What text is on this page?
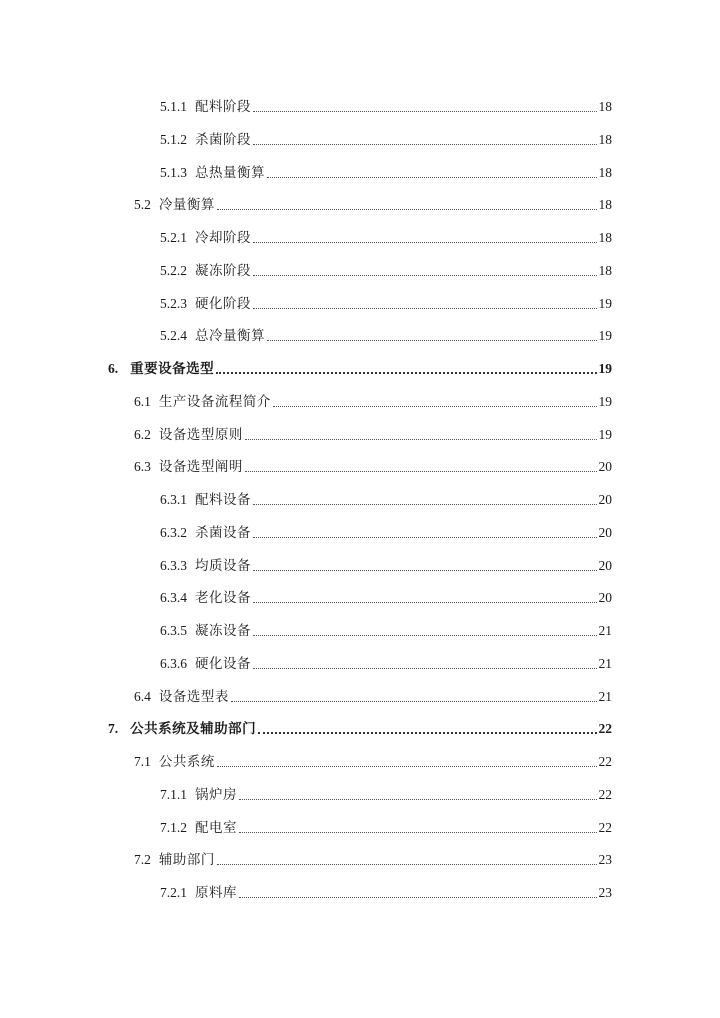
5.1.1 配料阶段	18
5.1.2 杀菌阶段	18
5.1.3 总热量衡算	18
5.2 冷量衡算	18
5.2.1 冷却阶段	18
5.2.2 凝冻阶段	18
5.2.3 硬化阶段	19
5.2.4 总冷量衡算	19
6. 重要设备选型	19
6.1 生产设备流程简介	19
6.2 设备选型原则	19
6.3 设备选型阐明	20
6.3.1 配料设备	20
6.3.2 杀菌设备	20
6.3.3 均质设备	20
6.3.4 老化设备	20
6.3.5 凝冻设备	21
6.3.6 硬化设备	21
6.4 设备选型表	21
7. 公共系统及辅助部门	22
7.1 公共系统	22
7.1.1 锅炉房	22
7.1.2 配电室	22
7.2 辅助部门	23
7.2.1 原料库	23
